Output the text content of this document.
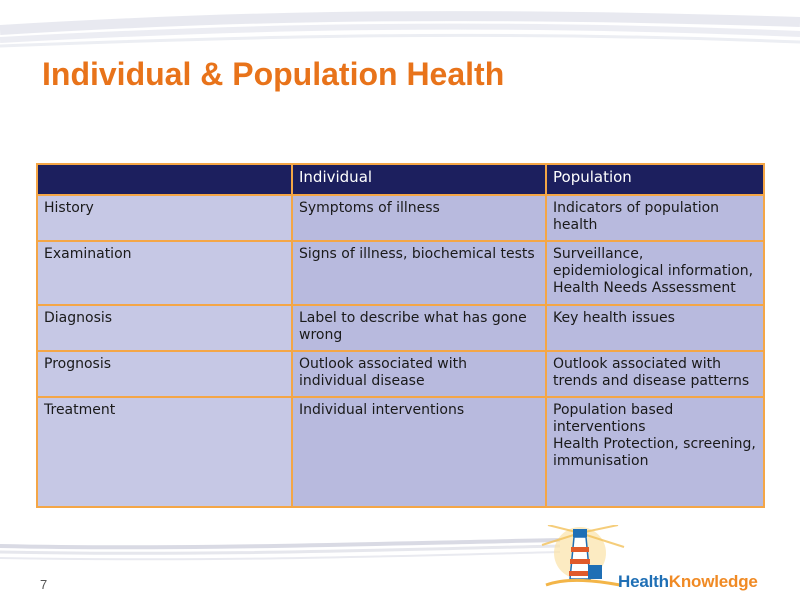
Individual & Population Health
	Individual	Population
History	Symptoms of illness	Indicators of population health
Examination	Signs of illness, biochemical tests	Surveillance, epidemiological information, Health Needs Assessment
Diagnosis	Label to describe what has gone wrong	Key health issues
Prognosis	Outlook associated with individual disease	Outlook associated with trends and disease patterns
Treatment	Individual interventions	Population based interventions
Health Protection, screening, immunisation
7	HealthKnowledge
